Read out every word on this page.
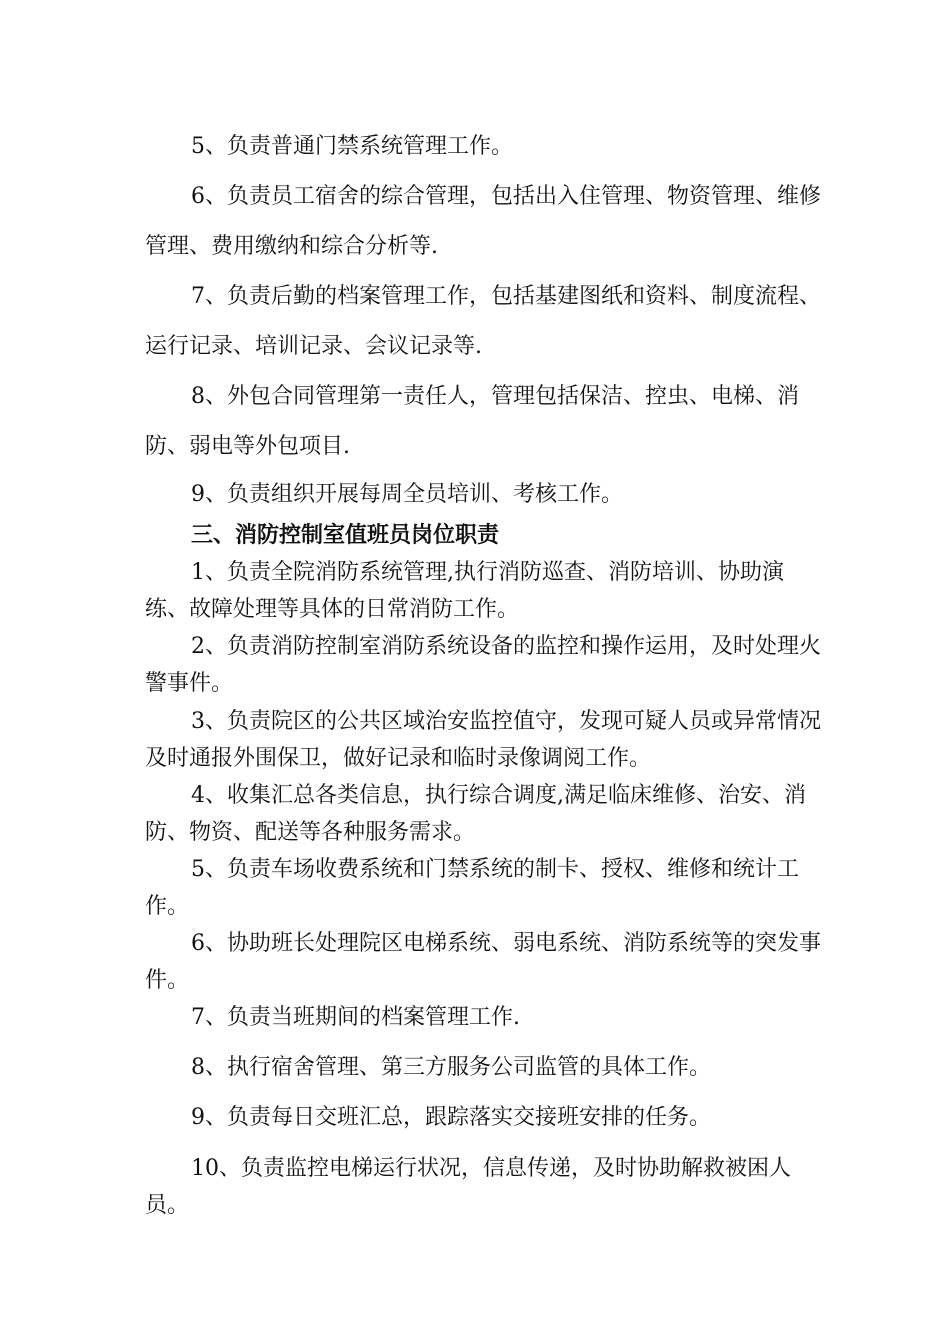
5、负责普通门禁系统管理工作。

6、负责员工宿舍的综合管理，包括出入住管理、物资管理、维修管理、费用缴纳和综合分析等.

7、负责后勤的档案管理工作，包括基建图纸和资料、制度流程、运行记录、培训记录、会议记录等.

8、外包合同管理第一责任人，管理包括保洁、控虫、电梯、消防、弱电等外包项目.

9、负责组织开展每周全员培训、考核工作。

三、消防控制室值班员岗位职责

1、负责全院消防系统管理,执行消防巡查、消防培训、协助演练、故障处理等具体的日常消防工作。

2、负责消防控制室消防系统设备的监控和操作运用，及时处理火警事件。

3、负责院区的公共区域治安监控值守，发现可疑人员或异常情况及时通报外围保卫，做好记录和临时录像调阅工作。

4、收集汇总各类信息，执行综合调度,满足临床维修、治安、消防、物资、配送等各种服务需求。

5、负责车场收费系统和门禁系统的制卡、授权、维修和统计工作。

6、协助班长处理院区电梯系统、弱电系统、消防系统等的突发事件。

7、负责当班期间的档案管理工作.

8、执行宿舍管理、第三方服务公司监管的具体工作。

9、负责每日交班汇总，跟踪落实交接班安排的任务。

10、负责监控电梯运行状况，信息传递，及时协助解救被困人员。
